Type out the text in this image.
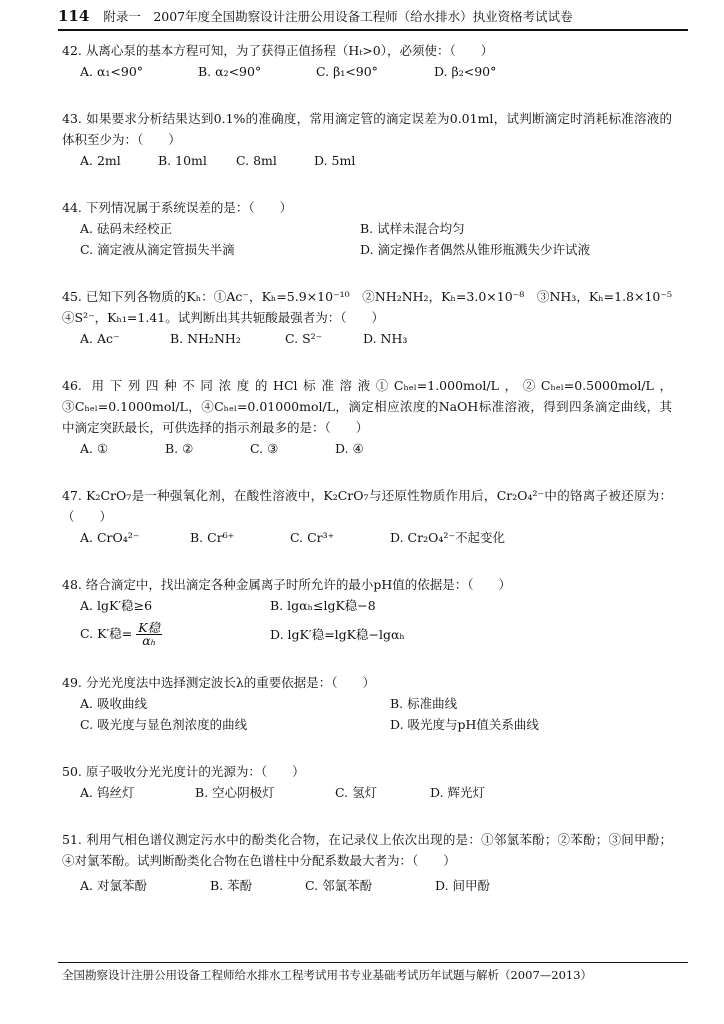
114 附录一　2007年度全国勘察设计注册公用设备工程师（给水排水）执业资格考试试卷
42. 从离心泵的基本方程可知，为了获得正值扬程（Hₜ>0），必须使：（　　）
A. α₁<90°	B. α₂<90°	C. β₁<90°	D. β₂<90°
43. 如果要求分析结果达到0.1%的准确度，常用滴定管的滴定误差为0.01ml，试判断滴定时消耗标准溶液的体积至少为：（　　）
A. 2ml	B. 10ml C. 8ml	D. 5ml
44. 下列情况属于系统误差的是：（　　）
A. 砝码未经校正	B. 试样未混合均匀
C. 滴定液从滴定管损失半滴	D. 滴定操作者偶然从锥形瓶溅失少许试液
45. 已知下列各物质的Kₕ：①Ac⁻，Kₕ=5.9×10⁻¹⁰　②NH₂NH₂，Kₕ=3.0×10⁻⁸　③NH₃，Kₕ=1.8×10⁻⁵　④S²⁻，Kₕ₁=1.41。试判断出其共轭酸最强者为：（　　）
A. Ac⁻	B. NH₂NH₂	C. S²⁻	D. NH₃
46. 用下列四种不同浓度的HCl标准溶液①Cₕₑₗ=1.000mol/L，②Cₕₑₗ=0.5000mol/L，③Cₕₑₗ=0.1000mol/L，④Cₕₑₗ=0.01000mol/L，滴定相应浓度的NaOH标准溶液，得到四条滴定曲线，其中滴定突跃最长，可供选择的指示剂最多的是：（　　）
A. ①	B. ②	C. ③	D. ④
47. K₂CrO₇是一种强氧化剂，在酸性溶液中，K₂CrO₇与还原性物质作用后，Cr₂O₄²⁻中的铬离子被还原为：（　　）
A. CrO₄²⁻	B. Cr⁶⁺	C. Cr³⁺	D. Cr₂O₄²⁻不起变化
48. 络合滴定中，找出滴定各种金属离子时所允许的最小pH值的依据是：（　　）
A. lgK′稳≥6	B. lgαₕ≤lgK稳−8
C. K′稳= $\frac{\text{K稳}}{\text{αₕ}}$	D. lgK′稳=lgK稳−lgαₕ
49. 分光光度法中选择测定波长λ的重要依据是：（　　）
A. 吸收曲线	B. 标准曲线
C. 吸光度与显色剂浓度的曲线	D. 吸光度与pH值关系曲线
50. 原子吸收分光光度计的光源为：（　　）
A. 钨丝灯	B. 空心阴极灯	C. 氢灯	D. 辉光灯
51. 利用气相色谱仪测定污水中的酚类化合物，在记录仪上依次出现的是：①邻氯苯酚；②苯酚；③间甲酚；④对氯苯酚。试判断酚类化合物在色谱柱中分配系数最大者为：（　　）
A. 对氯苯酚	B. 苯酚	C. 邻氯苯酚	D. 间甲酚
全国勘察设计注册公用设备工程师给水排水工程考试用书专业基础考试历年试题与解析（2007—2013）
